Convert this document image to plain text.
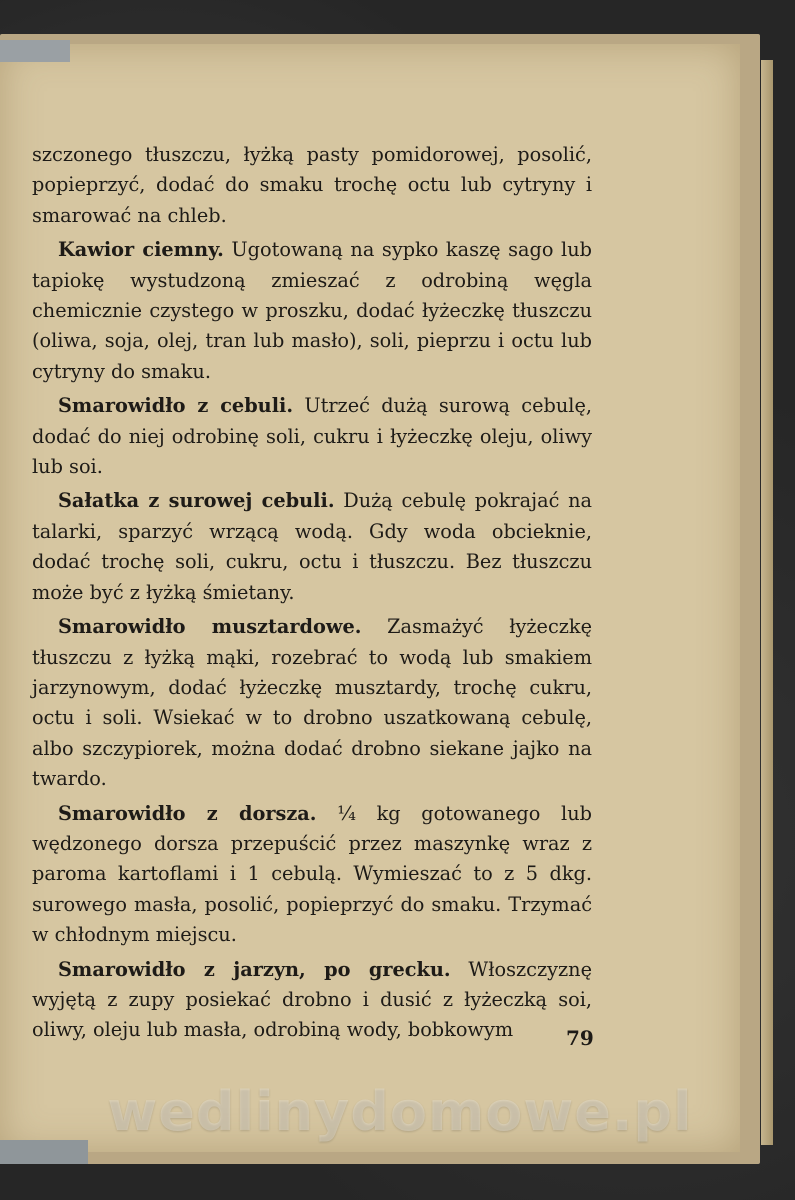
szczonego tłuszczu, łyżką pasty pomidorowej, posolić, popieprzyć, dodać do smaku trochę octu lub cytryny i smarować na chleb.

Kawior ciemny. Ugotowaną na sypko kaszę sago lub tapiokę wystudzoną zmieszać z odrobiną węgla chemicznie czystego w proszku, dodać łyżeczkę tłuszczu (oliwa, soja, olej, tran lub masło), soli, pieprzu i octu lub cytryny do smaku.

Smarowidło z cebuli. Utrzeć dużą surową cebulę, dodać do niej odrobinę soli, cukru i łyżeczkę oleju, oliwy lub soi.

Sałatka z surowej cebuli. Dużą cebulę pokrajać na talarki, sparzyć wrzącą wodą. Gdy woda obcieknie, dodać trochę soli, cukru, octu i tłuszczu. Bez tłuszczu może być z łyżką śmietany.

Smarowidło musztardowe. Zasmażyć łyżeczkę tłuszczu z łyżką mąki, rozebrać to wodą lub smakiem jarzynowym, dodać łyżeczkę musztardy, trochę cukru, octu i soli. Wsiekać w to drobno uszatkowaną cebulę, albo szczypiorek, można dodać drobno siekane jajko na twardo.

Smarowidło z dorsza. ¼ kg gotowanego lub wędzonego dorsza przepuścić przez maszynkę wraz z paroma kartoflami i 1 cebulą. Wymieszać to z 5 dkg. surowego masła, posolić, popieprzyć do smaku. Trzymać w chłodnym miejscu.

Smarowidło z jarzyn, po grecku. Włoszczyznę wyjętą z zupy posiekać drobno i dusić z łyżeczką soi, oliwy, oleju lub masła, odrobiną wody, bobkowym	79
wedlinydomowe.pl
